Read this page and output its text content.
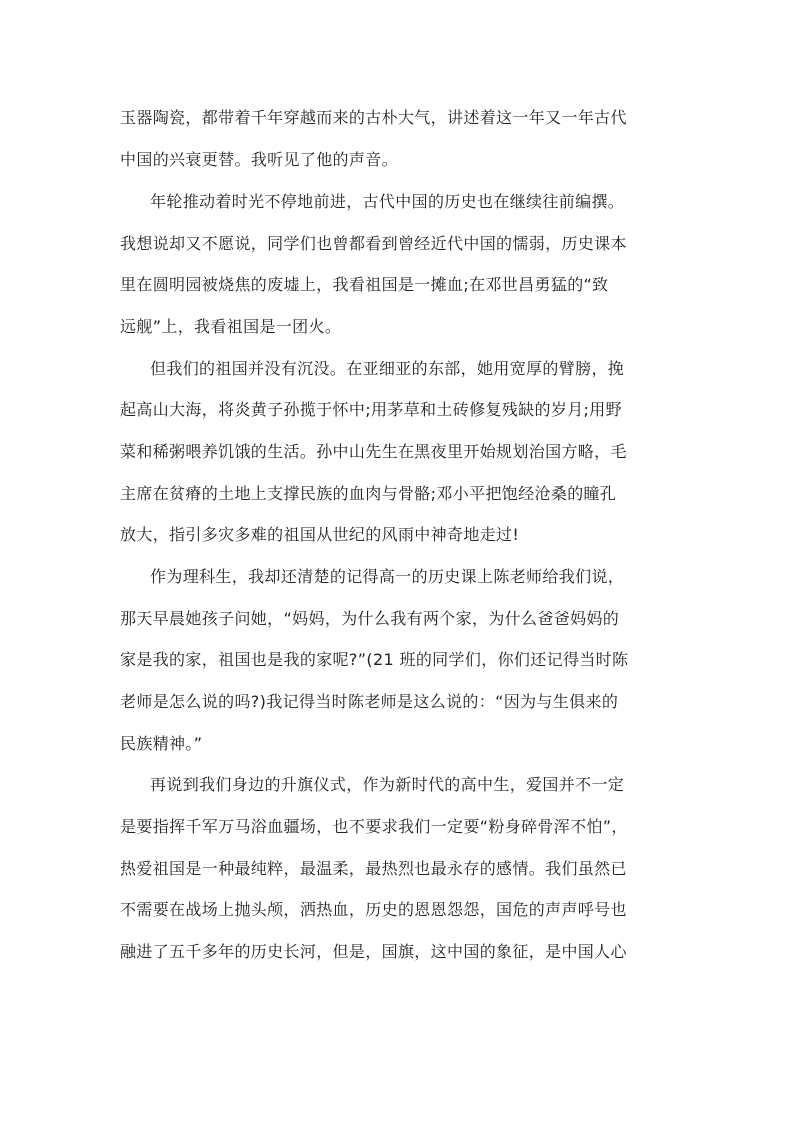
玉器陶瓷，都带着千年穿越而来的古朴大气，讲述着这一年又一年古代
中国的兴衰更替。我听见了他的声音。
年轮推动着时光不停地前进，古代中国的历史也在继续往前编撰。
我想说却又不愿说，同学们也曾都看到曾经近代中国的懦弱，历史课本
里在圆明园被烧焦的废墟上，我看祖国是一摊血;在邓世昌勇猛的“致
远舰”上，我看祖国是一团火。
但我们的祖国并没有沉没。在亚细亚的东部，她用宽厚的臂膀，挽
起高山大海，将炎黄子孙揽于怀中;用茅草和土砖修复残缺的岁月;用野
菜和稀粥喂养饥饿的生活。孙中山先生在黑夜里开始规划治国方略，毛
主席在贫瘠的土地上支撑民族的血肉与骨骼;邓小平把饱经沧桑的瞳孔
放大，指引多灾多难的祖国从世纪的风雨中神奇地走过!
作为理科生，我却还清楚的记得高一的历史课上陈老师给我们说，
那天早晨她孩子问她，“妈妈，为什么我有两个家，为什么爸爸妈妈的
家是我的家，祖国也是我的家呢?”(21 班的同学们，你们还记得当时陈
老师是怎么说的吗?)我记得当时陈老师是这么说的：“因为与生俱来的
民族精神。”
再说到我们身边的升旗仪式，作为新时代的高中生，爱国并不一定
是要指挥千军万马浴血疆场，也不要求我们一定要“粉身碎骨浑不怕”，
热爱祖国是一种最纯粹，最温柔，最热烈也最永存的感情。我们虽然已
不需要在战场上抛头颅，洒热血，历史的恩恩怨怨，国危的声声呼号也
融进了五千多年的历史长河，但是，国旗，这中国的象征，是中国人心
